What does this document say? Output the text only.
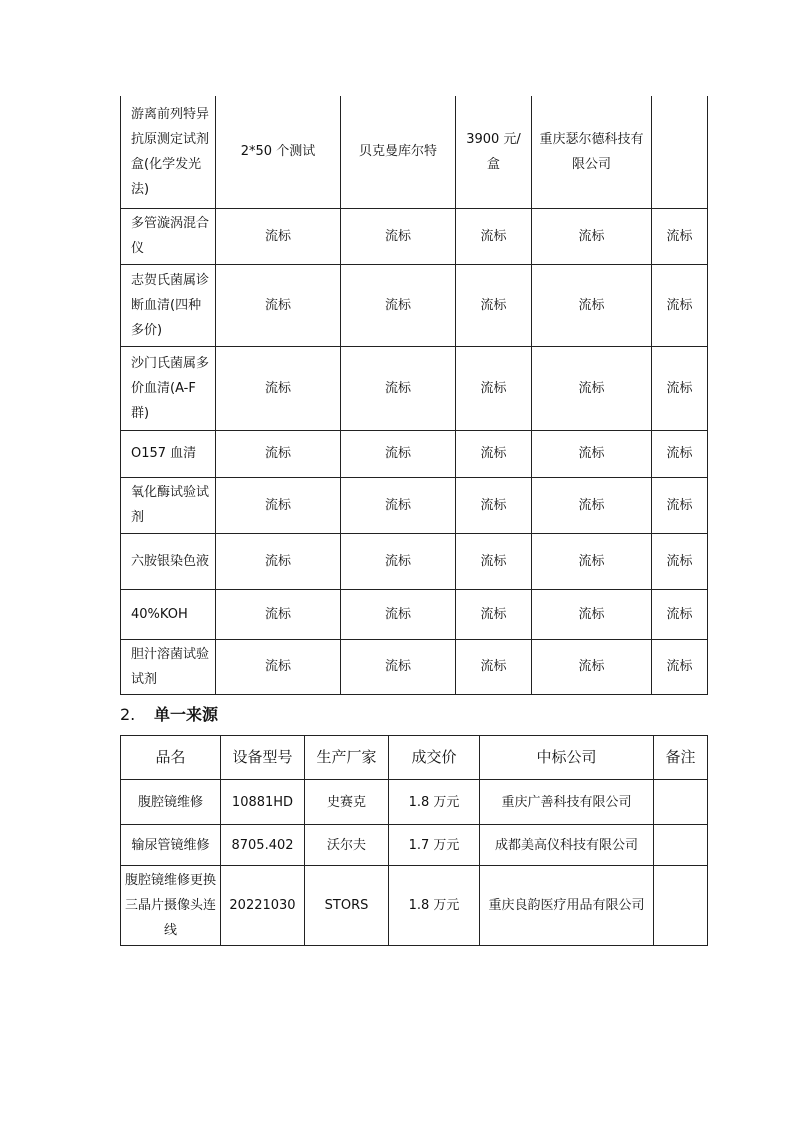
游离前列特异抗原测定试剂盒(化学发光法)	2*50 个测试	贝克曼库尔特	3900 元/盒	重庆瑟尔德科技有限公司	
多管漩涡混合仪	流标	流标	流标	流标	流标
志贺氏菌属诊断血清(四种多价)	流标	流标	流标	流标	流标
沙门氏菌属多价血清(A-F 群)	流标	流标	流标	流标	流标
O157 血清	流标	流标	流标	流标	流标
氧化酶试验试剂	流标	流标	流标	流标	流标
六胺银染色液	流标	流标	流标	流标	流标
40%KOH	流标	流标	流标	流标	流标
胆汁溶菌试验试剂	流标	流标	流标	流标	流标
2. 单一来源
品名	设备型号	生产厂家	成交价	中标公司	备注
腹腔镜维修	10881HD	史赛克	1.8 万元	重庆广善科技有限公司	
输尿管镜维修	8705.402	沃尔夫	1.7 万元	成都美高仪科技有限公司	
腹腔镜维修更换三晶片摄像头连线	20221030	STORS	1.8 万元	重庆良韵医疗用品有限公司	
